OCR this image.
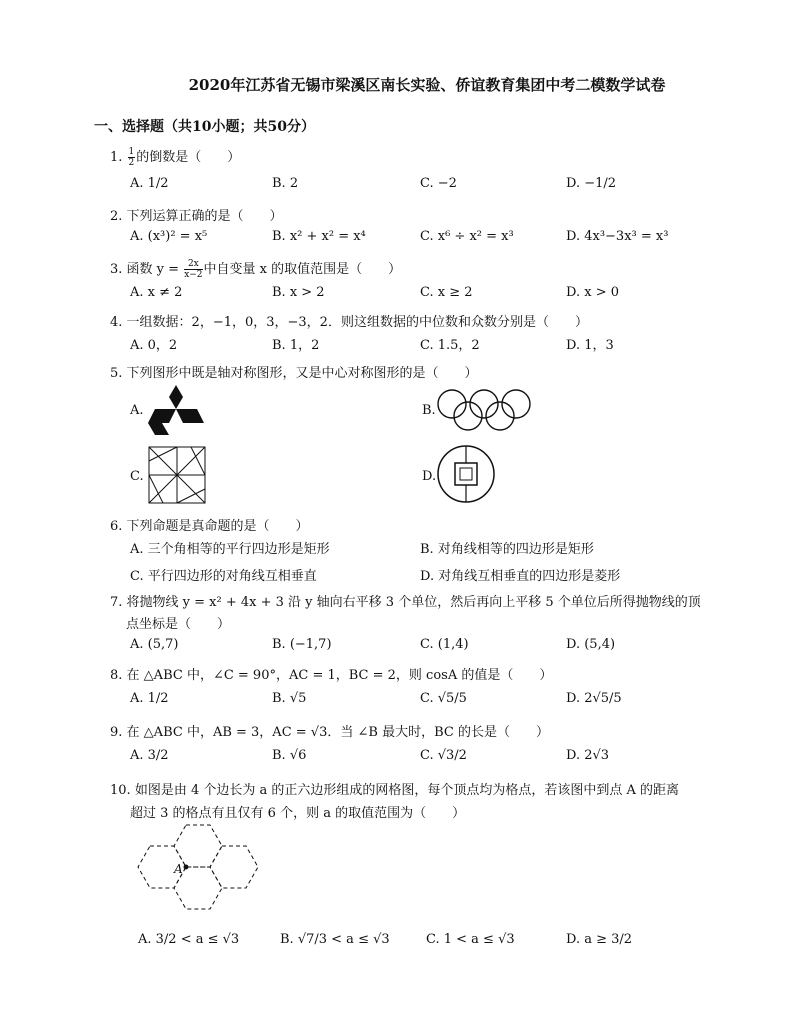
2020年江苏省无锡市梁溪区南长实验、侨谊教育集团中考二模数学试卷
一、选择题（共10小题；共50分）
1. $\frac{1}{2}$ 的倒数是（　　）
A. 1/2	B. 2	C. −2	D. −1/2
2. 下列运算正确的是（　　）
A. (x³)² = x⁵	B. x² + x² = x⁴	C. x⁶ ÷ x² = x³	D. 4x³−3x³ = x³
3. 函数 $y = \frac{2x}{x-2}$ 中自变量 x 的取值范围是（　　）
A. x ≠ 2	B. x > 2	C. x ≥ 2	D. x > 0
4. 一组数据：2，−1，0，3，−3，2．则这组数据的中位数和众数分别是（　　）
A. 0，2	B. 1，2	C. 1.5，2	D. 1，3
5. 下列图形中既是轴对称图形，又是中心对称图形的是（　　）
A.	B.
C.	D.
6. 下列命题是真命题的是（　　）
A. 三个角相等的平行四边形是矩形	B. 对角线相等的四边形是矩形
C. 平行四边形的对角线互相垂直	D. 对角线互相垂直的四边形是菱形
7. 将抛物线 y = x² + 4x + 3 沿 y 轴向右平移 3 个单位，然后再向上平移 5 个单位后所得抛物线的顶
点坐标是（　　）
A. (5,7)	B. (−1,7)	C. (1,4)	D. (5,4)
8. 在 △ABC 中，∠C = 90°，AC = 1，BC = 2，则 cosA 的值是（　　）
A. 1/2	B. √5	C. √5/5	D. 2√5/5
9. 在 △ABC 中，AB = 3，AC = √3．当 ∠B 最大时，BC 的长是（　　）
A. 3/2	B. √6	C. √3/2	D. 2√3
10. 如图是由 4 个边长为 a 的正六边形组成的网格图，每个顶点均为格点，若该图中到点 A 的距离
超过 3 的格点有且仅有 6 个，则 a 的取值范围为（　　）
A
A. 3/2 < a ≤ √3	B. √7/3 < a ≤ √3	C. 1 < a ≤ √3	D. a ≥ 3/2
